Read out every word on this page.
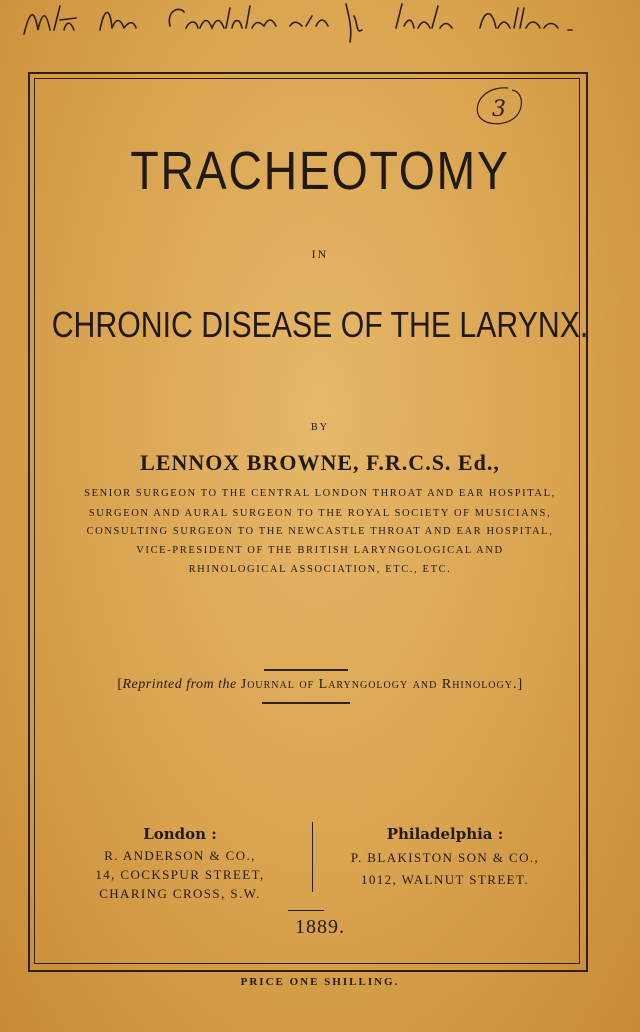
3
TRACHEOTOMY
IN
CHRONIC DISEASE OF THE LARYNX.
BY
LENNOX BROWNE, F.R.C.S. Ed.,
SENIOR SURGEON TO THE CENTRAL LONDON THROAT AND EAR HOSPITAL,
SURGEON AND AURAL SURGEON TO THE ROYAL SOCIETY OF MUSICIANS,
CONSULTING SURGEON TO THE NEWCASTLE THROAT AND EAR HOSPITAL,
VICE-PRESIDENT OF THE BRITISH LARYNGOLOGICAL AND
RHINOLOGICAL ASSOCIATION, ETC., ETC.
[Reprinted from the Journal of Laryngology and Rhinology.]
London :
R. ANDERSON & CO.,
14, COCKSPUR STREET,
CHARING CROSS, S.W.
Philadelphia :
P. BLAKISTON SON & CO.,
1012, WALNUT STREET.
1889.
PRICE ONE SHILLING.
